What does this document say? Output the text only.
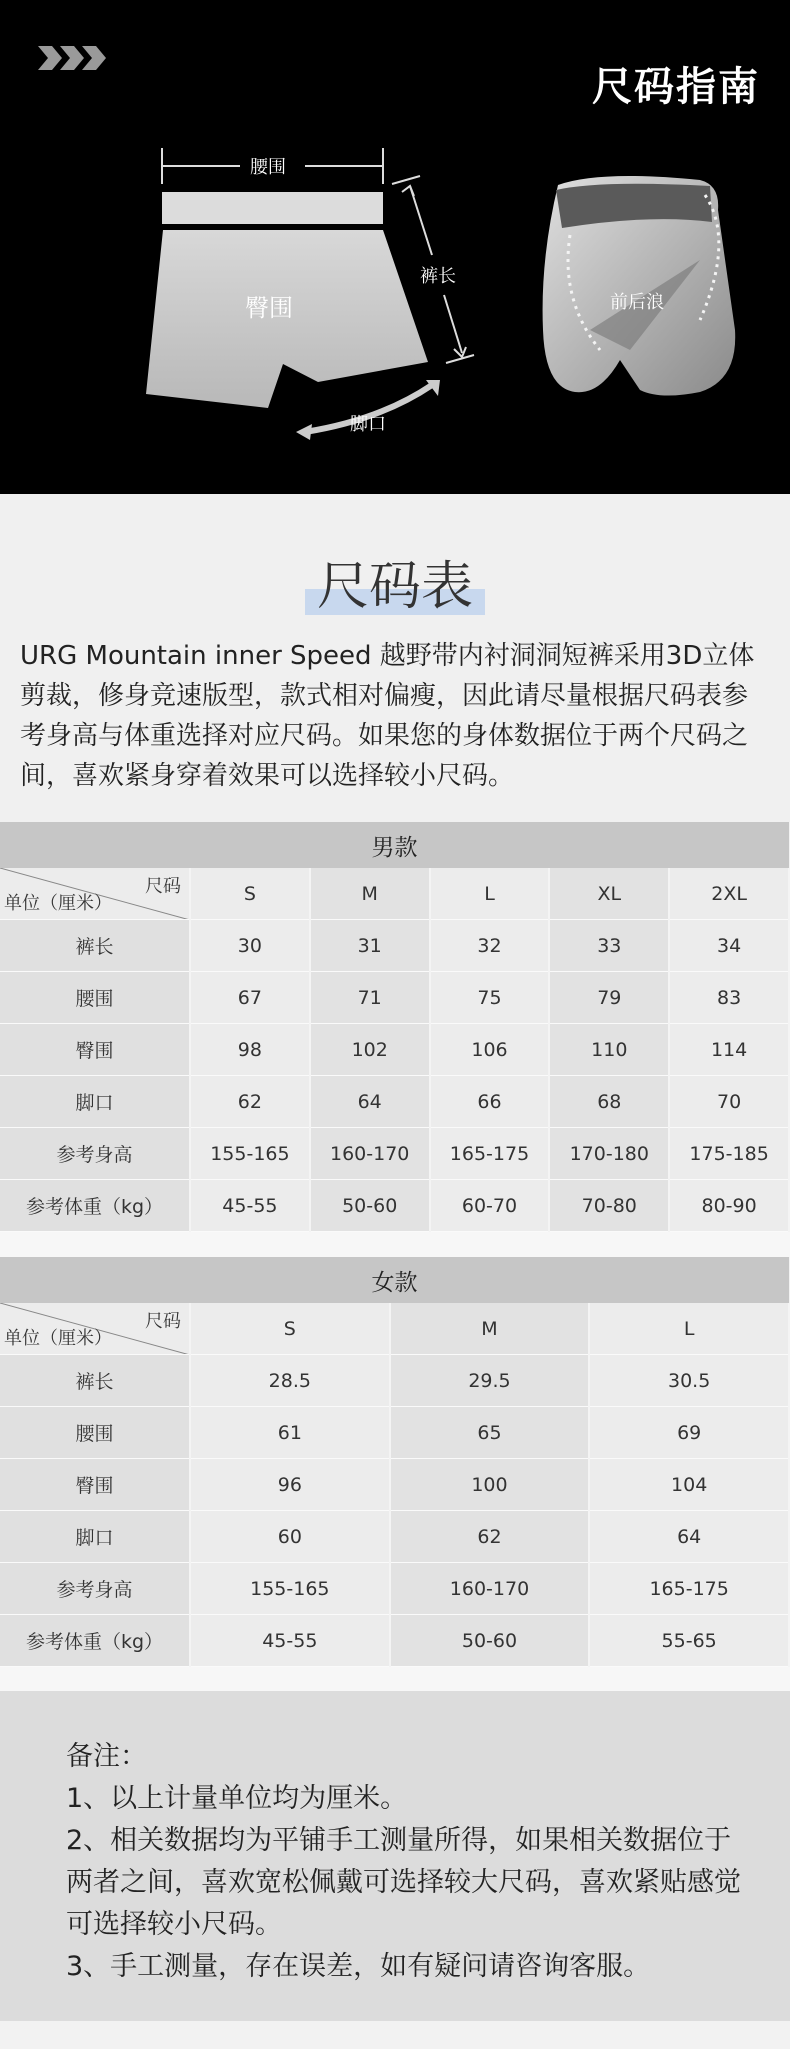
尺码指南
腰围
臀围
裤长
脚口
前后浪
尺码表
URG Mountain inner Speed 越野带内衬洞洞短裤采用3D立体剪裁，修身竞速版型，款式相对偏瘦，因此请尽量根据尺码表参考身高与体重选择对应尺码。如果您的身体数据位于两个尺码之间，喜欢紧身穿着效果可以选择较小尺码。
男款					

尺码
单位（厘米）	S	M	L	XL	2XL
裤长	30	31	32	33	34
腰围	67	71	75	79	83
臀围	98	102	106	110	114
脚口	62	64	66	68	70
参考身高	155-165	160-170	165-175	170-180	175-185
参考体重（kg）	45-55	50-60	60-70	70-80	80-90
女款			

尺码
单位（厘米）	S	M	L
裤长	28.5	29.5	30.5
腰围	61	65	69
臀围	96	100	104
脚口	60	62	64
参考身高	155-165	160-170	165-175
参考体重（kg）	45-55	50-60	55-65
备注：
1、以上计量单位均为厘米。
2、相关数据均为平铺手工测量所得，如果相关数据位于两者之间，喜欢宽松佩戴可选择较大尺码，喜欢紧贴感觉可选择较小尺码。
3、手工测量，存在误差，如有疑问请咨询客服。
